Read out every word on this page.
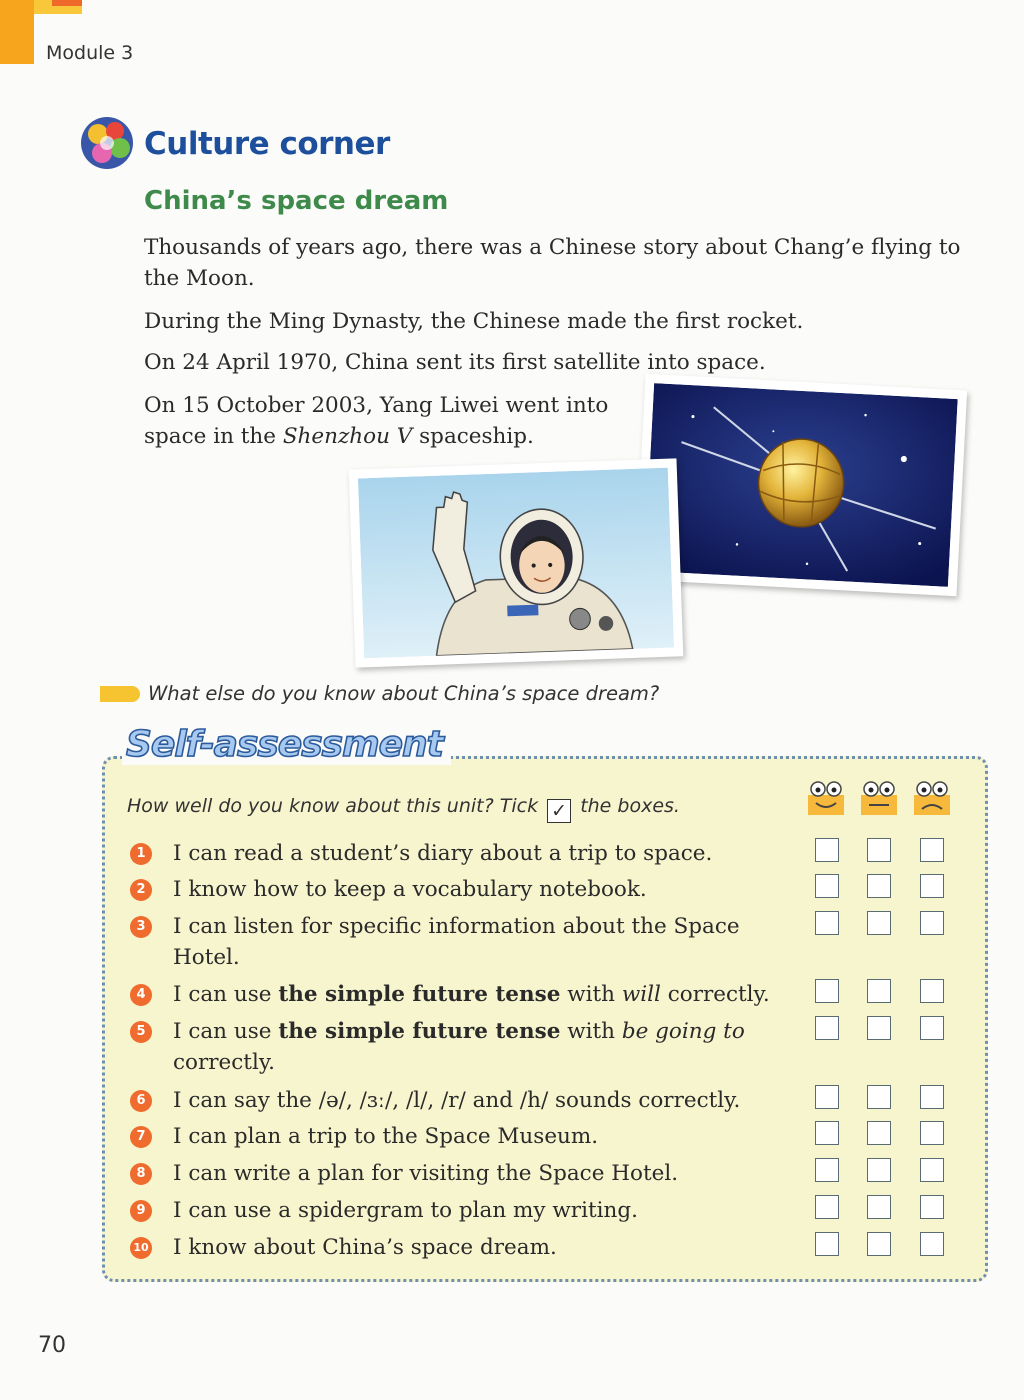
Module 3
Culture corner
China’s space dream
Thousands of years ago, there was a Chinese story about Chang’e flying to the Moon.
During the Ming Dynasty, the Chinese made the first rocket.
On 24 April 1970, China sent its first satellite into space.
On 15 October 2003, Yang Liwei went into space in the Shenzhou V spaceship.
What else do you know about China’s space dream?
Self-assessment
How well do you know about this unit? Tick ✓ the boxes.
1	I can read a student’s diary about a trip to space.
2	I know how to keep a vocabulary notebook.
3	I can listen for specific information about the Space Hotel.
4	I can use the simple future tense with will correctly.
5	I can use the simple future tense with be going to correctly.
6	I can say the /ə/, /ɜː/, /l/, /r/ and /h/ sounds correctly.
7	I can plan a trip to the Space Museum.
8	I can write a plan for visiting the Space Hotel.
9	I can use a spidergram to plan my writing.
10 I know about China’s space dream.
70
